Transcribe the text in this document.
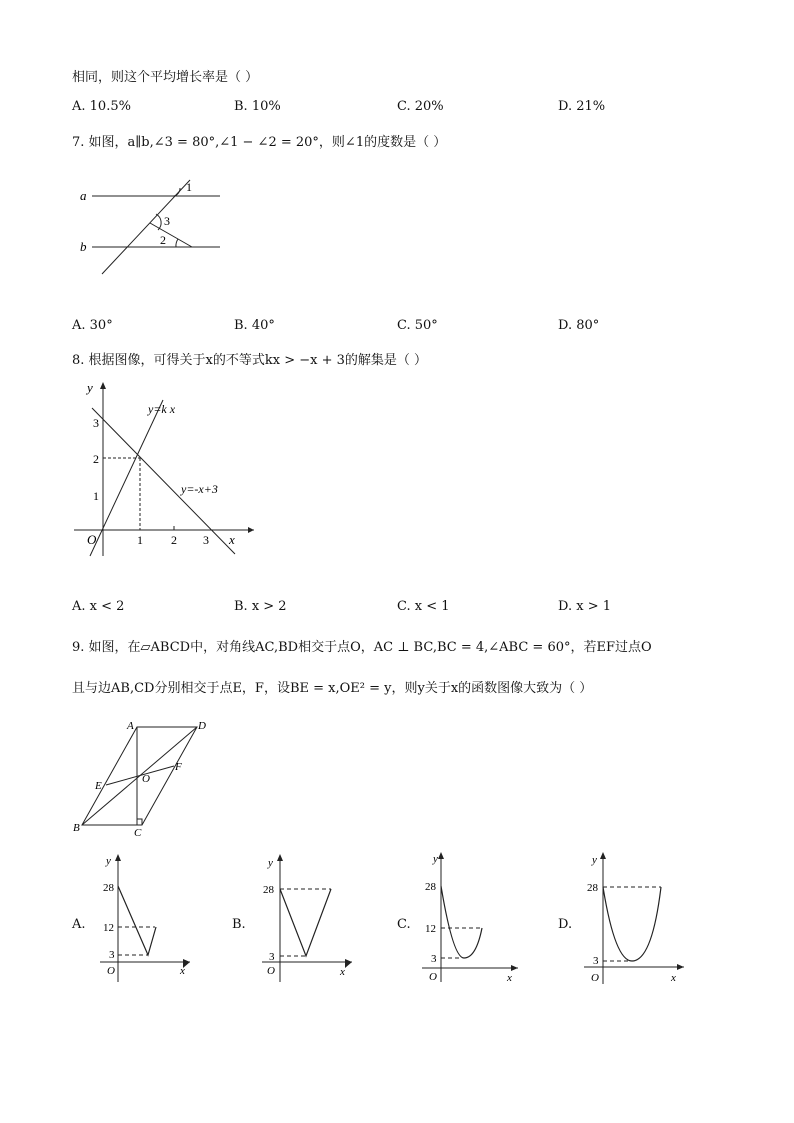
相同，则这个平均增长率是（ ）
A. 10.5%	B. 10%	C. 20%	D. 21%
7. 如图，a∥b,∠3 = 80°,∠1 − ∠2 = 20°，则∠1的度数是（ ）
a
b
1
3
2
A. 30°	B. 40°	C. 50°	D. 80°
8. 根据图像，可得关于x的不等式kx > −x + 3的解集是（ ）
y
x
O
3
2
1
1 2 3
y=k x
y=-x+3
A. x < 2	B. x > 2	C. x < 1	D. x > 1
9. 如图，在▱ABCD中，对角线AC,BD相交于点O，AC ⊥ BC,BC = 4,∠ABC = 60°，若EF过点O
且与边AB,CD分别相交于点E，F，设BE = x,OE² = y，则y关于x的函数图像大致为（ ）
A	D
B	C
E
F
O
A.
y
x
O
28
12
3
B.
y
x
O
28
3
C.
y
x
O
28
12
3
D.
y
x
O
28
3
